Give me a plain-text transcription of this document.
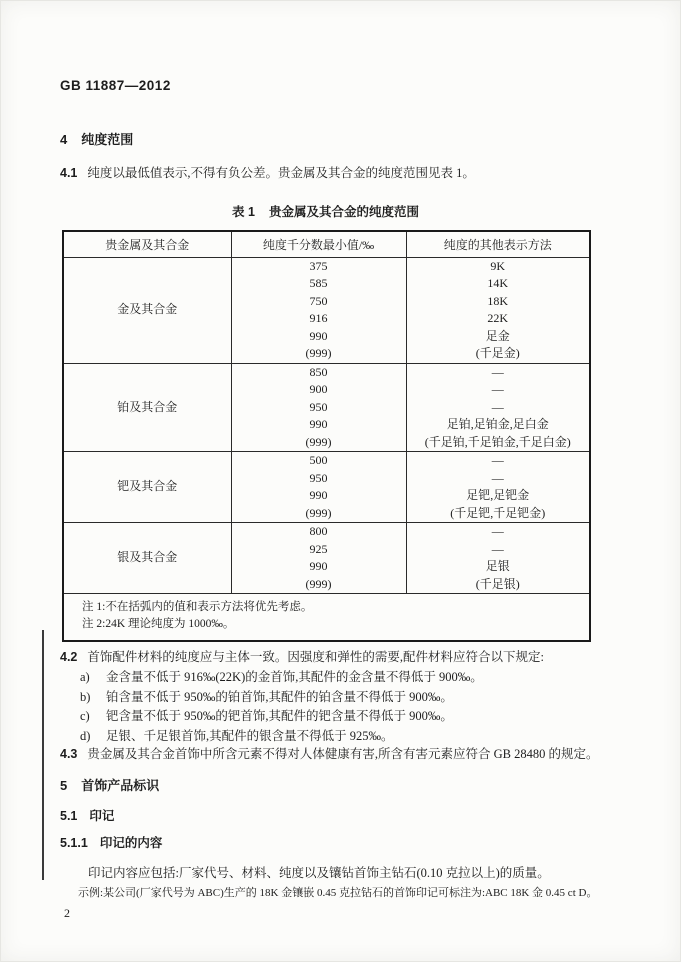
GB 11887—2012
4 纯度范围
4.1 纯度以最低值表示,不得有负公差。贵金属及其合金的纯度范围见表 1。
表 1 贵金属及其合金的纯度范围
贵金属及其合金	纯度千分数最小值/‰	纯度的其他表示方法
金及其合金	375	9K
	585	14K
	750	18K
	916	22K
	990	足金
	(999)	(千足金)
铂及其合金	850	—
	900	—
	950	—
	990	足铂,足铂金,足白金
	(999)	(千足铂,千足铂金,千足白金)
钯及其合金	500	—
	950	—
	990	足钯,足钯金
	(999)	(千足钯,千足钯金)
银及其合金	800	—
	925	—
	990	足银
	(999)	(千足银)

注 1:不在括弧内的值和表示方法将优先考虑。
注 2:24K 理论纯度为 1000‰。		
4.2 首饰配件材料的纯度应与主体一致。因强度和弹性的需要,配件材料应符合以下规定:
a) 金含量不低于 916‰(22K)的金首饰,其配件的金含量不得低于 900‰。
b) 铂含量不低于 950‰的铂首饰,其配件的铂含量不得低于 900‰。
c) 钯含量不低于 950‰的钯首饰,其配件的钯含量不得低于 900‰。
d) 足银、千足银首饰,其配件的银含量不得低于 925‰。
4.3 贵金属及其合金首饰中所含元素不得对人体健康有害,所含有害元素应符合 GB 28480 的规定。
5 首饰产品标识
5.1 印记
5.1.1 印记的内容
印记内容应包括:厂家代号、材料、纯度以及镶钻首饰主钻石(0.10 克拉以上)的质量。
示例:某公司(厂家代号为 ABC)生产的 18K 金镶嵌 0.45 克拉钻石的首饰印记可标注为:ABC 18K 金 0.45 ct D。
2
